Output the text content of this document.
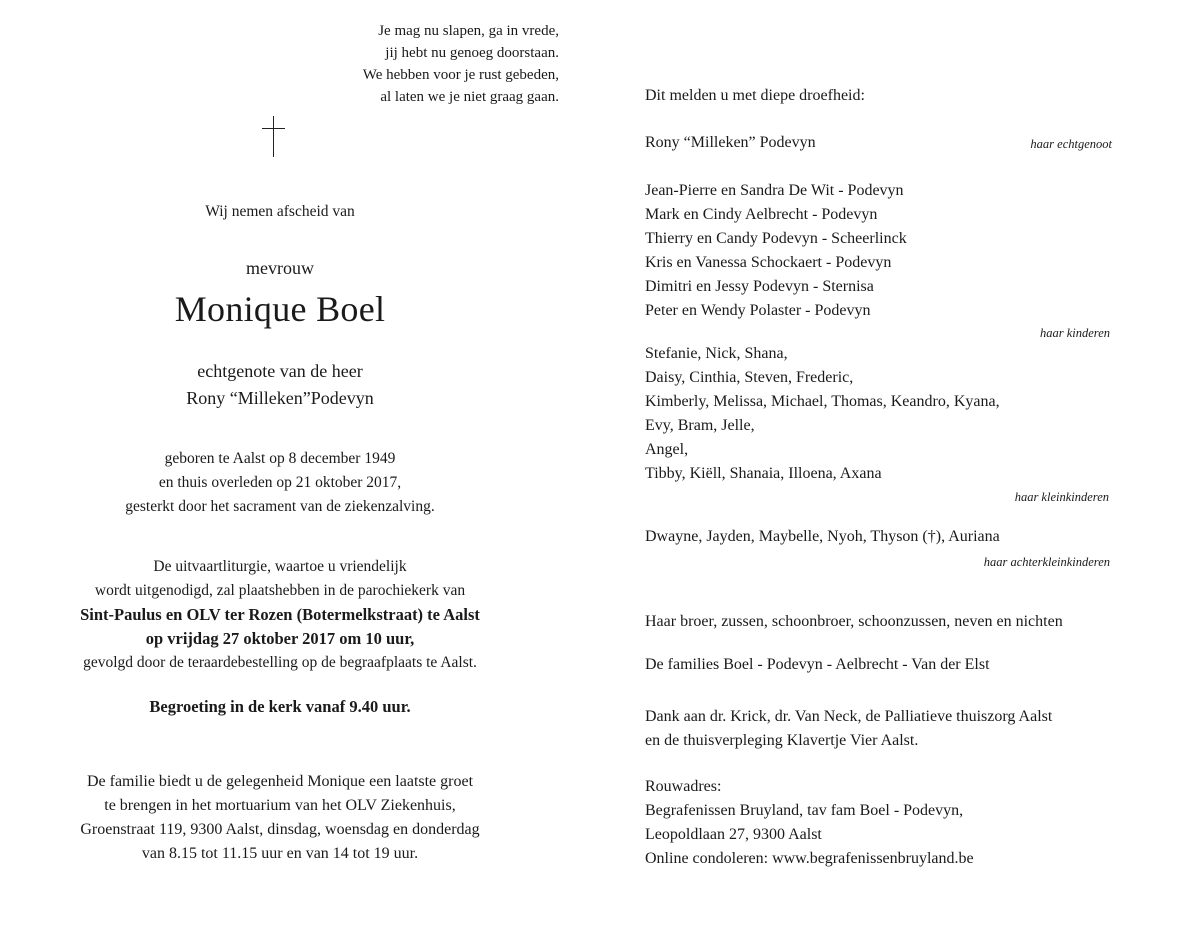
Je mag nu slapen, ga in vrede,
jij hebt nu genoeg doorstaan.
We hebben voor je rust gebeden,
al laten we je niet graag gaan.
Wij nemen afscheid van
mevrouw
Monique Boel
echtgenote van de heer
Rony “Milleken”Podevyn
geboren te Aalst op 8 december 1949
en thuis overleden op 21 oktober 2017,
gesterkt door het sacrament van de ziekenzalving.
De uitvaartliturgie, waartoe u vriendelijk
wordt uitgenodigd, zal plaatshebben in de parochiekerk van
Sint-Paulus en OLV ter Rozen (Botermelkstraat) te Aalst
op vrijdag 27 oktober 2017 om 10 uur,
gevolgd door de teraardebestelling op de begraafplaats te Aalst.
Begroeting in de kerk vanaf 9.40 uur.
De familie biedt u de gelegenheid Monique een laatste groet
te brengen in het mortuarium van het OLV Ziekenhuis,
Groenstraat 119, 9300 Aalst, dinsdag, woensdag en donderdag
van 8.15 tot 11.15 uur en van 14 tot 19 uur.
Dit melden u met diepe droefheid:
Rony “Milleken” Podevyn	haar echtgenoot
Jean-Pierre en Sandra De Wit - Podevyn
Mark en Cindy Aelbrecht - Podevyn
Thierry en Candy Podevyn - Scheerlinck
Kris en Vanessa Schockaert - Podevyn
Dimitri en Jessy Podevyn - Sternisa
Peter en Wendy Polaster - Podevyn
haar kinderen
Stefanie, Nick, Shana,
Daisy, Cinthia, Steven, Frederic,
Kimberly, Melissa, Michael, Thomas, Keandro, Kyana,
Evy, Bram, Jelle,
Angel,
Tibby, Kiëll, Shanaia, Illoena, Axana
haar kleinkinderen
Dwayne, Jayden, Maybelle, Nyoh, Thyson (†), Auriana
haar achterkleinkinderen
Haar broer, zussen, schoonbroer, schoonzussen, neven en nichten
De families Boel - Podevyn - Aelbrecht - Van der Elst
Dank aan dr. Krick, dr. Van Neck, de Palliatieve thuiszorg Aalst
en de thuisverpleging Klavertje Vier Aalst.
Rouwadres:
Begrafenissen Bruyland, tav fam Boel - Podevyn,
Leopoldlaan 27, 9300 Aalst
Online condoleren: www.begrafenissenbruyland.be
